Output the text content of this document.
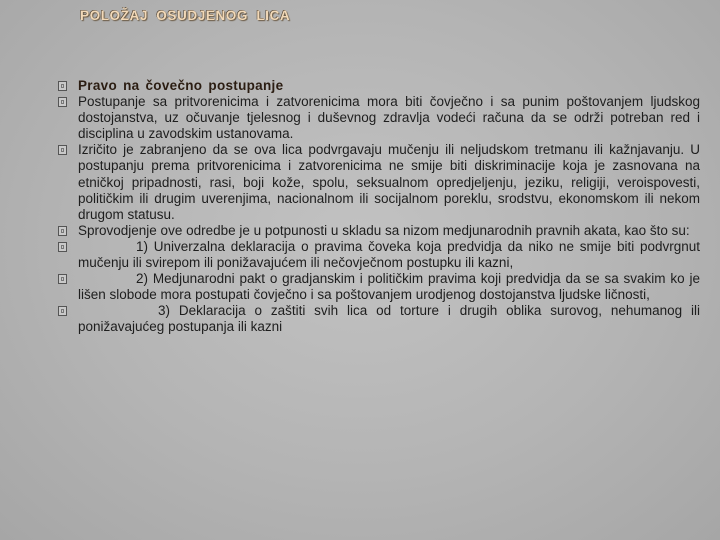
POLOŽAJ OSUDJENOG LICA
Pravo na čovečno postupanje
Postupanje sa pritvorenicima i zatvorenicima mora biti čovječno i sa punim poštovanjem ljudskog dostojanstva, uz očuvanje tjelesnog i duševnog zdravlja vodeći računa da se održi potreban red i disciplina u zavodskim ustanovama.
Izričito je zabranjeno da se ova lica podvrgavaju mučenju ili neljudskom tretmanu ili kažnjavanju. U postupanju prema pritvorenicima i zatvorenicima ne smije biti diskriminacije koja je zasnovana na etničkoj pripadnosti, rasi, boji kože, spolu, seksualnom opredjeljenju, jeziku, religiji, veroispovesti, političkim ili drugim uverenjima, nacionalnom ili socijalnom poreklu, srodstvu, ekonomskom ili nekom drugom statusu.
Sprovodjenje ove odredbe je u potpunosti u skladu sa nizom medjunarodnih pravnih akata, kao što su:
1) Univerzalna deklaracija o pravima čoveka koja predvidja da niko ne smije biti podvrgnut mučenju ili svirepom ili ponižavajućem ili nečovječnom postupku ili kazni,
2) Medjunarodni pakt o gradjanskim i političkim pravima koji predvidja da se sa svakim ko je lišen slobode mora postupati čovječno i sa poštovanjem urodjenog dostojanstva ljudske ličnosti,
3) Deklaracija o zaštiti svih lica od torture i drugih oblika surovog, nehumanog ili ponižavajućeg postupanja ili kazni
